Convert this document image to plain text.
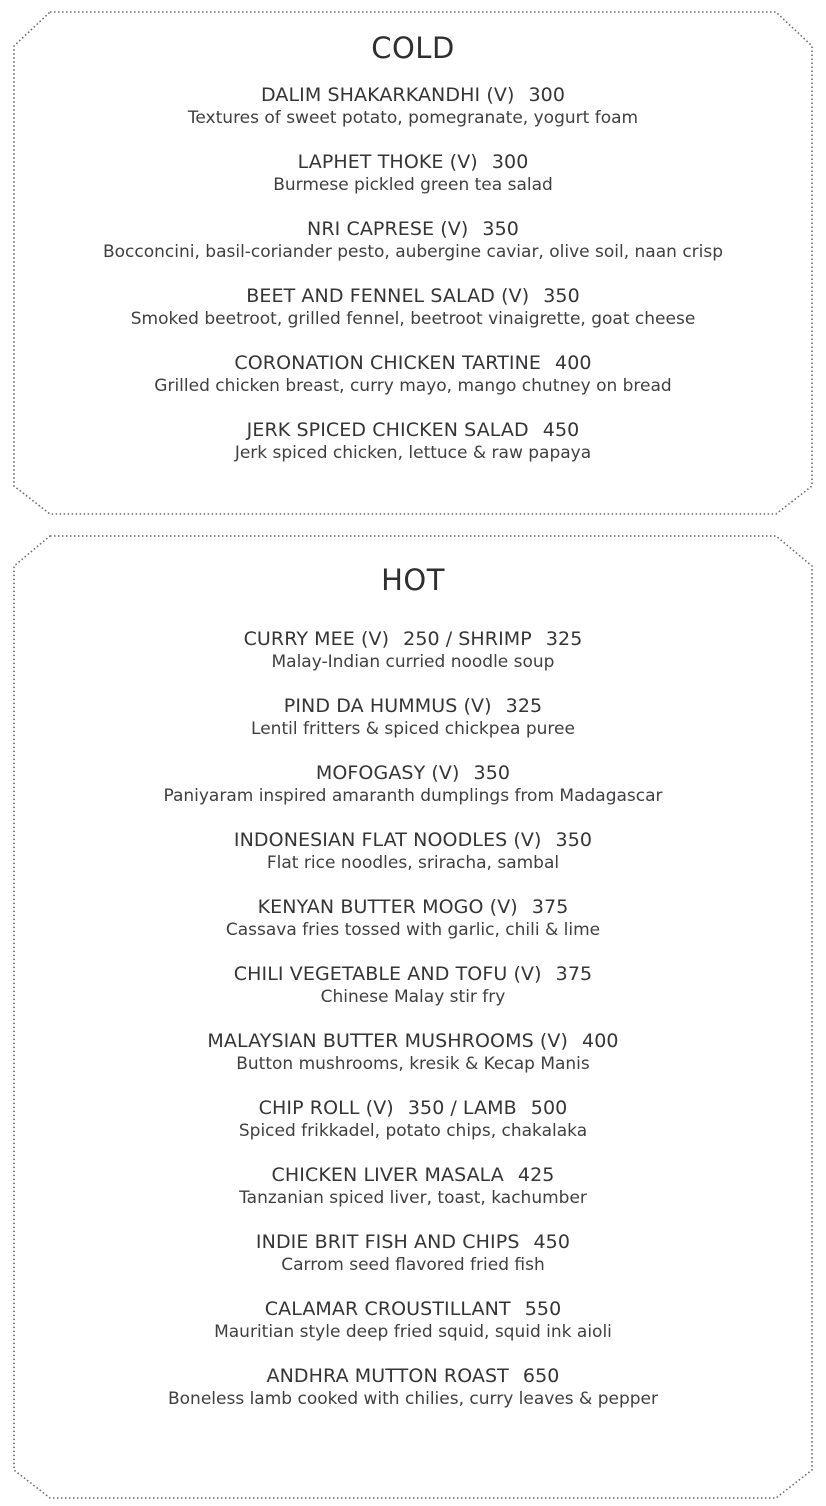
COLD
DALIM SHAKARKANDHI (V) 300
Textures of sweet potato, pomegranate, yogurt foam
LAPHET THOKE (V) 300
Burmese pickled green tea salad
NRI CAPRESE (V) 350
Bocconcini, basil-coriander pesto, aubergine caviar, olive soil, naan crisp
BEET AND FENNEL SALAD (V) 350
Smoked beetroot, grilled fennel, beetroot vinaigrette, goat cheese
CORONATION CHICKEN TARTINE 400
Grilled chicken breast, curry mayo, mango chutney on bread
JERK SPICED CHICKEN SALAD 450
Jerk spiced chicken, lettuce & raw papaya
HOT
CURRY MEE (V) 250 / SHRIMP 325
Malay-Indian curried noodle soup
PIND DA HUMMUS (V) 325
Lentil fritters & spiced chickpea puree
MOFOGASY (V) 350
Paniyaram inspired amaranth dumplings from Madagascar
INDONESIAN FLAT NOODLES (V) 350
Flat rice noodles, sriracha, sambal
KENYAN BUTTER MOGO (V) 375
Cassava fries tossed with garlic, chili & lime
CHILI VEGETABLE AND TOFU (V) 375
Chinese Malay stir fry
MALAYSIAN BUTTER MUSHROOMS (V) 400
Button mushrooms, kresik & Kecap Manis
CHIP ROLL (V) 350 / LAMB 500
Spiced frikkadel, potato chips, chakalaka
CHICKEN LIVER MASALA 425
Tanzanian spiced liver, toast, kachumber
INDIE BRIT FISH AND CHIPS 450
Carrom seed flavored fried fish
CALAMAR CROUSTILLANT 550
Mauritian style deep fried squid, squid ink aioli
ANDHRA MUTTON ROAST 650
Boneless lamb cooked with chilies, curry leaves & pepper
